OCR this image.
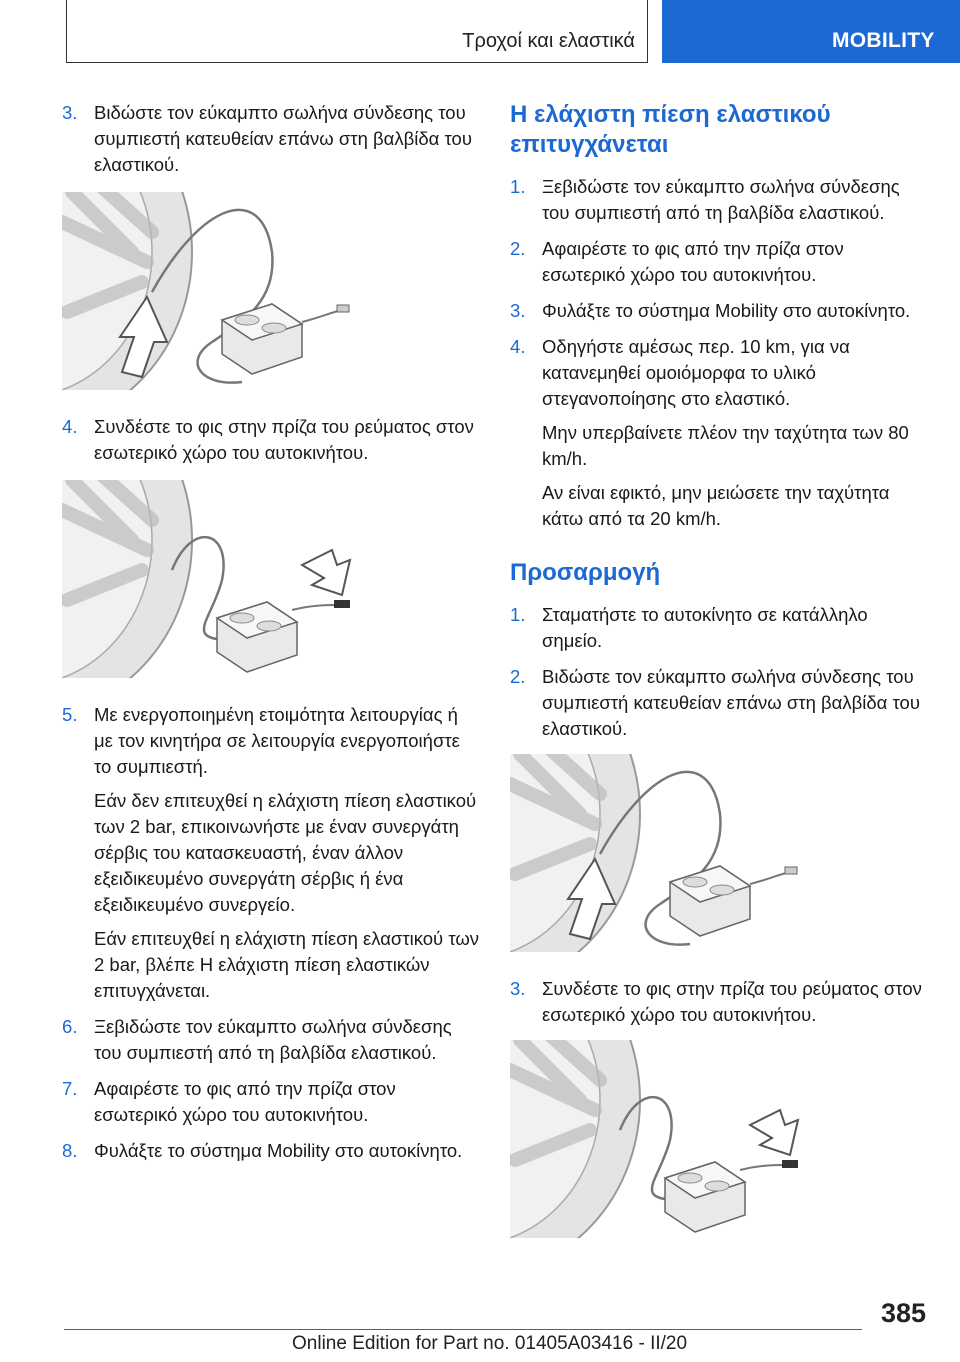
Τροχοί και ελαστικά	MOBILITY
3. Βιδώστε τον εύκαμπτο σωλήνα σύνδεσης του συμπιεστή κατευθείαν επάνω στη βαλβίδα του ελαστικού.
4. Συνδέστε το φις στην πρίζα του ρεύματος στον εσωτερικό χώρο του αυτοκινήτου.
5. Με ενεργοποιημένη ετοιμότητα λειτουργίας ή με τον κινητήρα σε λειτουργία ενεργοποιήστε το συμπιεστή.
Εάν δεν επιτευχθεί η ελάχιστη πίεση ελαστικού των 2 bar, επικοινωνήστε με έναν συνεργάτη σέρβις του κατασκευαστή, έναν άλλον εξειδικευμένο συνεργάτη σέρβις ή ένα εξειδικευμένο συνεργείο.
Εάν επιτευχθεί η ελάχιστη πίεση ελαστικού των 2 bar, βλέπε Η ελάχιστη πίεση ελαστικών επιτυγχάνεται.
6. Ξεβιδώστε τον εύκαμπτο σωλήνα σύνδεσης του συμπιεστή από τη βαλβίδα ελαστικού.
7. Αφαιρέστε το φις από την πρίζα στον εσωτερικό χώρο του αυτοκινήτου.
8. Φυλάξτε το σύστημα Mobility στο αυτοκίνητο.
Η ελάχιστη πίεση ελαστικού επιτυγχάνεται
1. Ξεβιδώστε τον εύκαμπτο σωλήνα σύνδεσης του συμπιεστή από τη βαλβίδα ελαστικού.
2. Αφαιρέστε το φις από την πρίζα στον εσωτερικό χώρο του αυτοκινήτου.
3. Φυλάξτε το σύστημα Mobility στο αυτοκίνητο.
4. Οδηγήστε αμέσως περ. 10 km, για να κατανεμηθεί ομοιόμορφα το υλικό στεγανοποίησης στο ελαστικό.
Μην υπερβαίνετε πλέον την ταχύτητα των 80 km/h.
Αν είναι εφικτό, μην μειώσετε την ταχύτητα κάτω από τα 20 km/h.
Προσαρμογή
1. Σταματήστε το αυτοκίνητο σε κατάλληλο σημείο.
2. Βιδώστε τον εύκαμπτο σωλήνα σύνδεσης του συμπιεστή κατευθείαν επάνω στη βαλβίδα του ελαστικού.
3. Συνδέστε το φις στην πρίζα του ρεύματος στον εσωτερικό χώρο του αυτοκινήτου.
385
Online Edition for Part no. 01405A03416 - II/20
